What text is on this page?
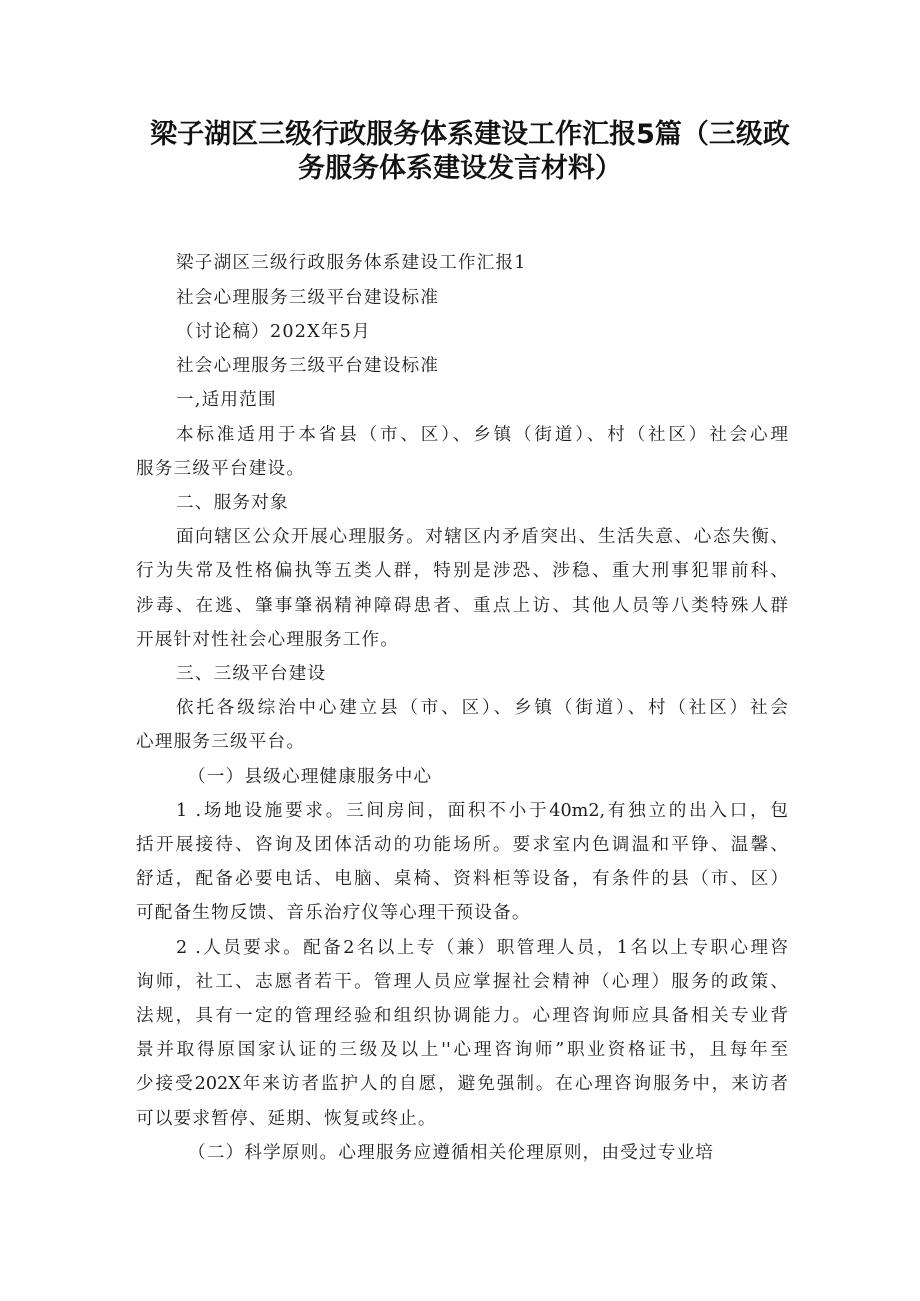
梁子湖区三级行政服务体系建设工作汇报5篇（三级政
务服务体系建设发言材料）
梁子湖区三级行政服务体系建设工作汇报1
社会心理服务三级平台建设标准
（讨论稿）202X年5月
社会心理服务三级平台建设标准
一,适用范围
本标准适用于本省县（市、区）、乡镇（街道）、村（社区）社会心理
服务三级平台建设。
二、服务对象
面向辖区公众开展心理服务。对辖区内矛盾突出、生活失意、心态失衡、
行为失常及性格偏执等五类人群，特别是涉恐、涉稳、重大刑事犯罪前科、
涉毒、在逃、肇事肇祸精神障碍患者、重点上访、其他人员等八类特殊人群
开展针对性社会心理服务工作。
三、三级平台建设
依托各级综治中心建立县（市、区）、乡镇（街道）、村（社区）社会
心理服务三级平台。
（一）县级心理健康服务中心
1 .场地设施要求。三间房间，面积不小于40m2,有独立的出入口，包
括开展接待、咨询及团体活动的功能场所。要求室内色调温和平铮、温馨、
舒适，配备必要电话、电脑、桌椅、资料柜等设备，有条件的县（市、区）
可配备生物反馈、音乐治疗仪等心理干预设备。
2 .人员要求。配备2名以上专（兼）职管理人员，1名以上专职心理咨
询师，社工、志愿者若干。管理人员应掌握社会精神（心理）服务的政策、
法规，具有一定的管理经验和组织协调能力。心理咨询师应具备相关专业背
景并取得原国家认证的三级及以上''心理咨询师”职业资格证书，且每年至
少接受202X年来访者监护人的自愿，避免强制。在心理咨询服务中，来访者
可以要求暂停、延期、恢复或终止。
（二）科学原则。心理服务应遵循相关伦理原则，由受过专业培
